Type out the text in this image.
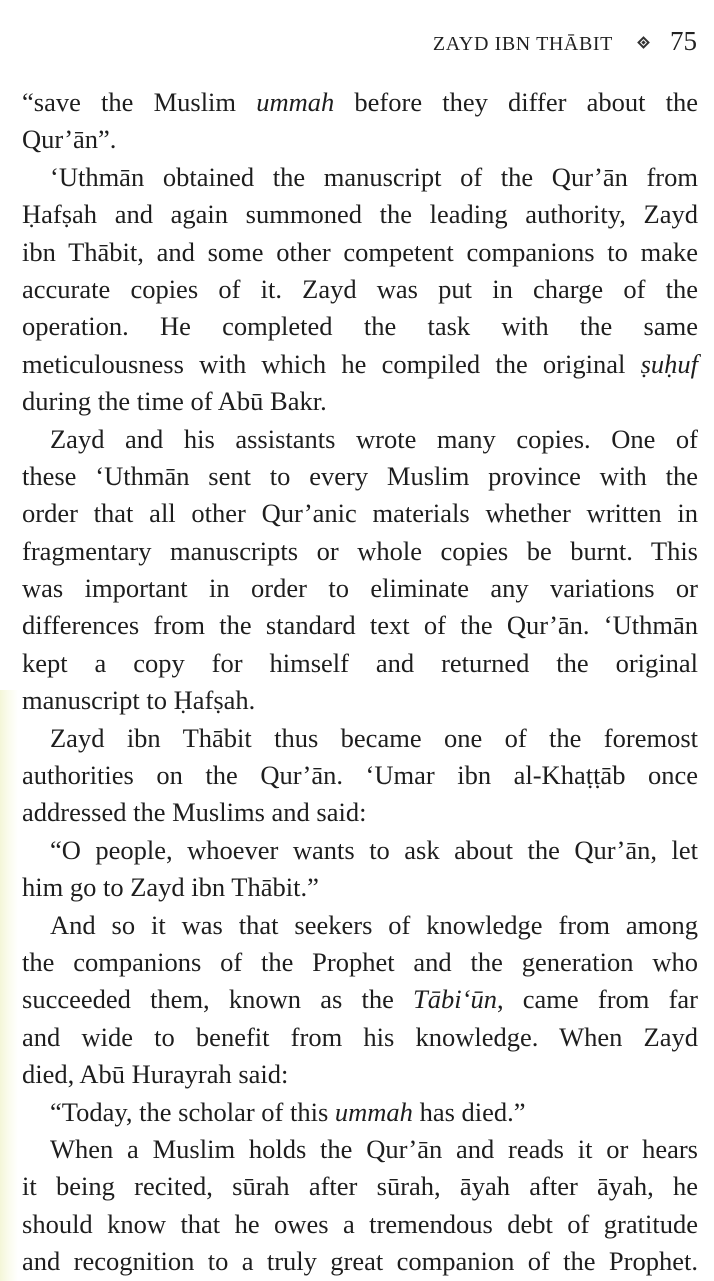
ZAYD IBN THĀBIT 75
“save the Muslim ummah before they differ about the
Qur’ān”.
‘Uthmān obtained the manuscript of the Qur’ān from
Ḥafṣah and again summoned the leading authority, Zayd
ibn Thābit, and some other competent companions to make
accurate copies of it. Zayd was put in charge of the
operation. He completed the task with the same
meticulousness with which he compiled the original ṣuḥuf
during the time of Abū Bakr.
Zayd and his assistants wrote many copies. One of
these ‘Uthmān sent to every Muslim province with the
order that all other Qur’anic materials whether written in
fragmentary manuscripts or whole copies be burnt. This
was important in order to eliminate any variations or
differences from the standard text of the Qur’ān. ‘Uthmān
kept a copy for himself and returned the original
manuscript to Ḥafṣah.
Zayd ibn Thābit thus became one of the foremost
authorities on the Qur’ān. ‘Umar ibn al-Khaṭṭāb once
addressed the Muslims and said:
“O people, whoever wants to ask about the Qur’ān, let
him go to Zayd ibn Thābit.”
And so it was that seekers of knowledge from among
the companions of the Prophet and the generation who
succeeded them, known as the Tābi‘ūn, came from far
and wide to benefit from his knowledge. When Zayd
died, Abū Hurayrah said:
“Today, the scholar of this ummah has died.”
When a Muslim holds the Qur’ān and reads it or hears
it being recited, sūrah after sūrah, āyah after āyah, he
should know that he owes a tremendous debt of gratitude
and recognition to a truly great companion of the Prophet.
